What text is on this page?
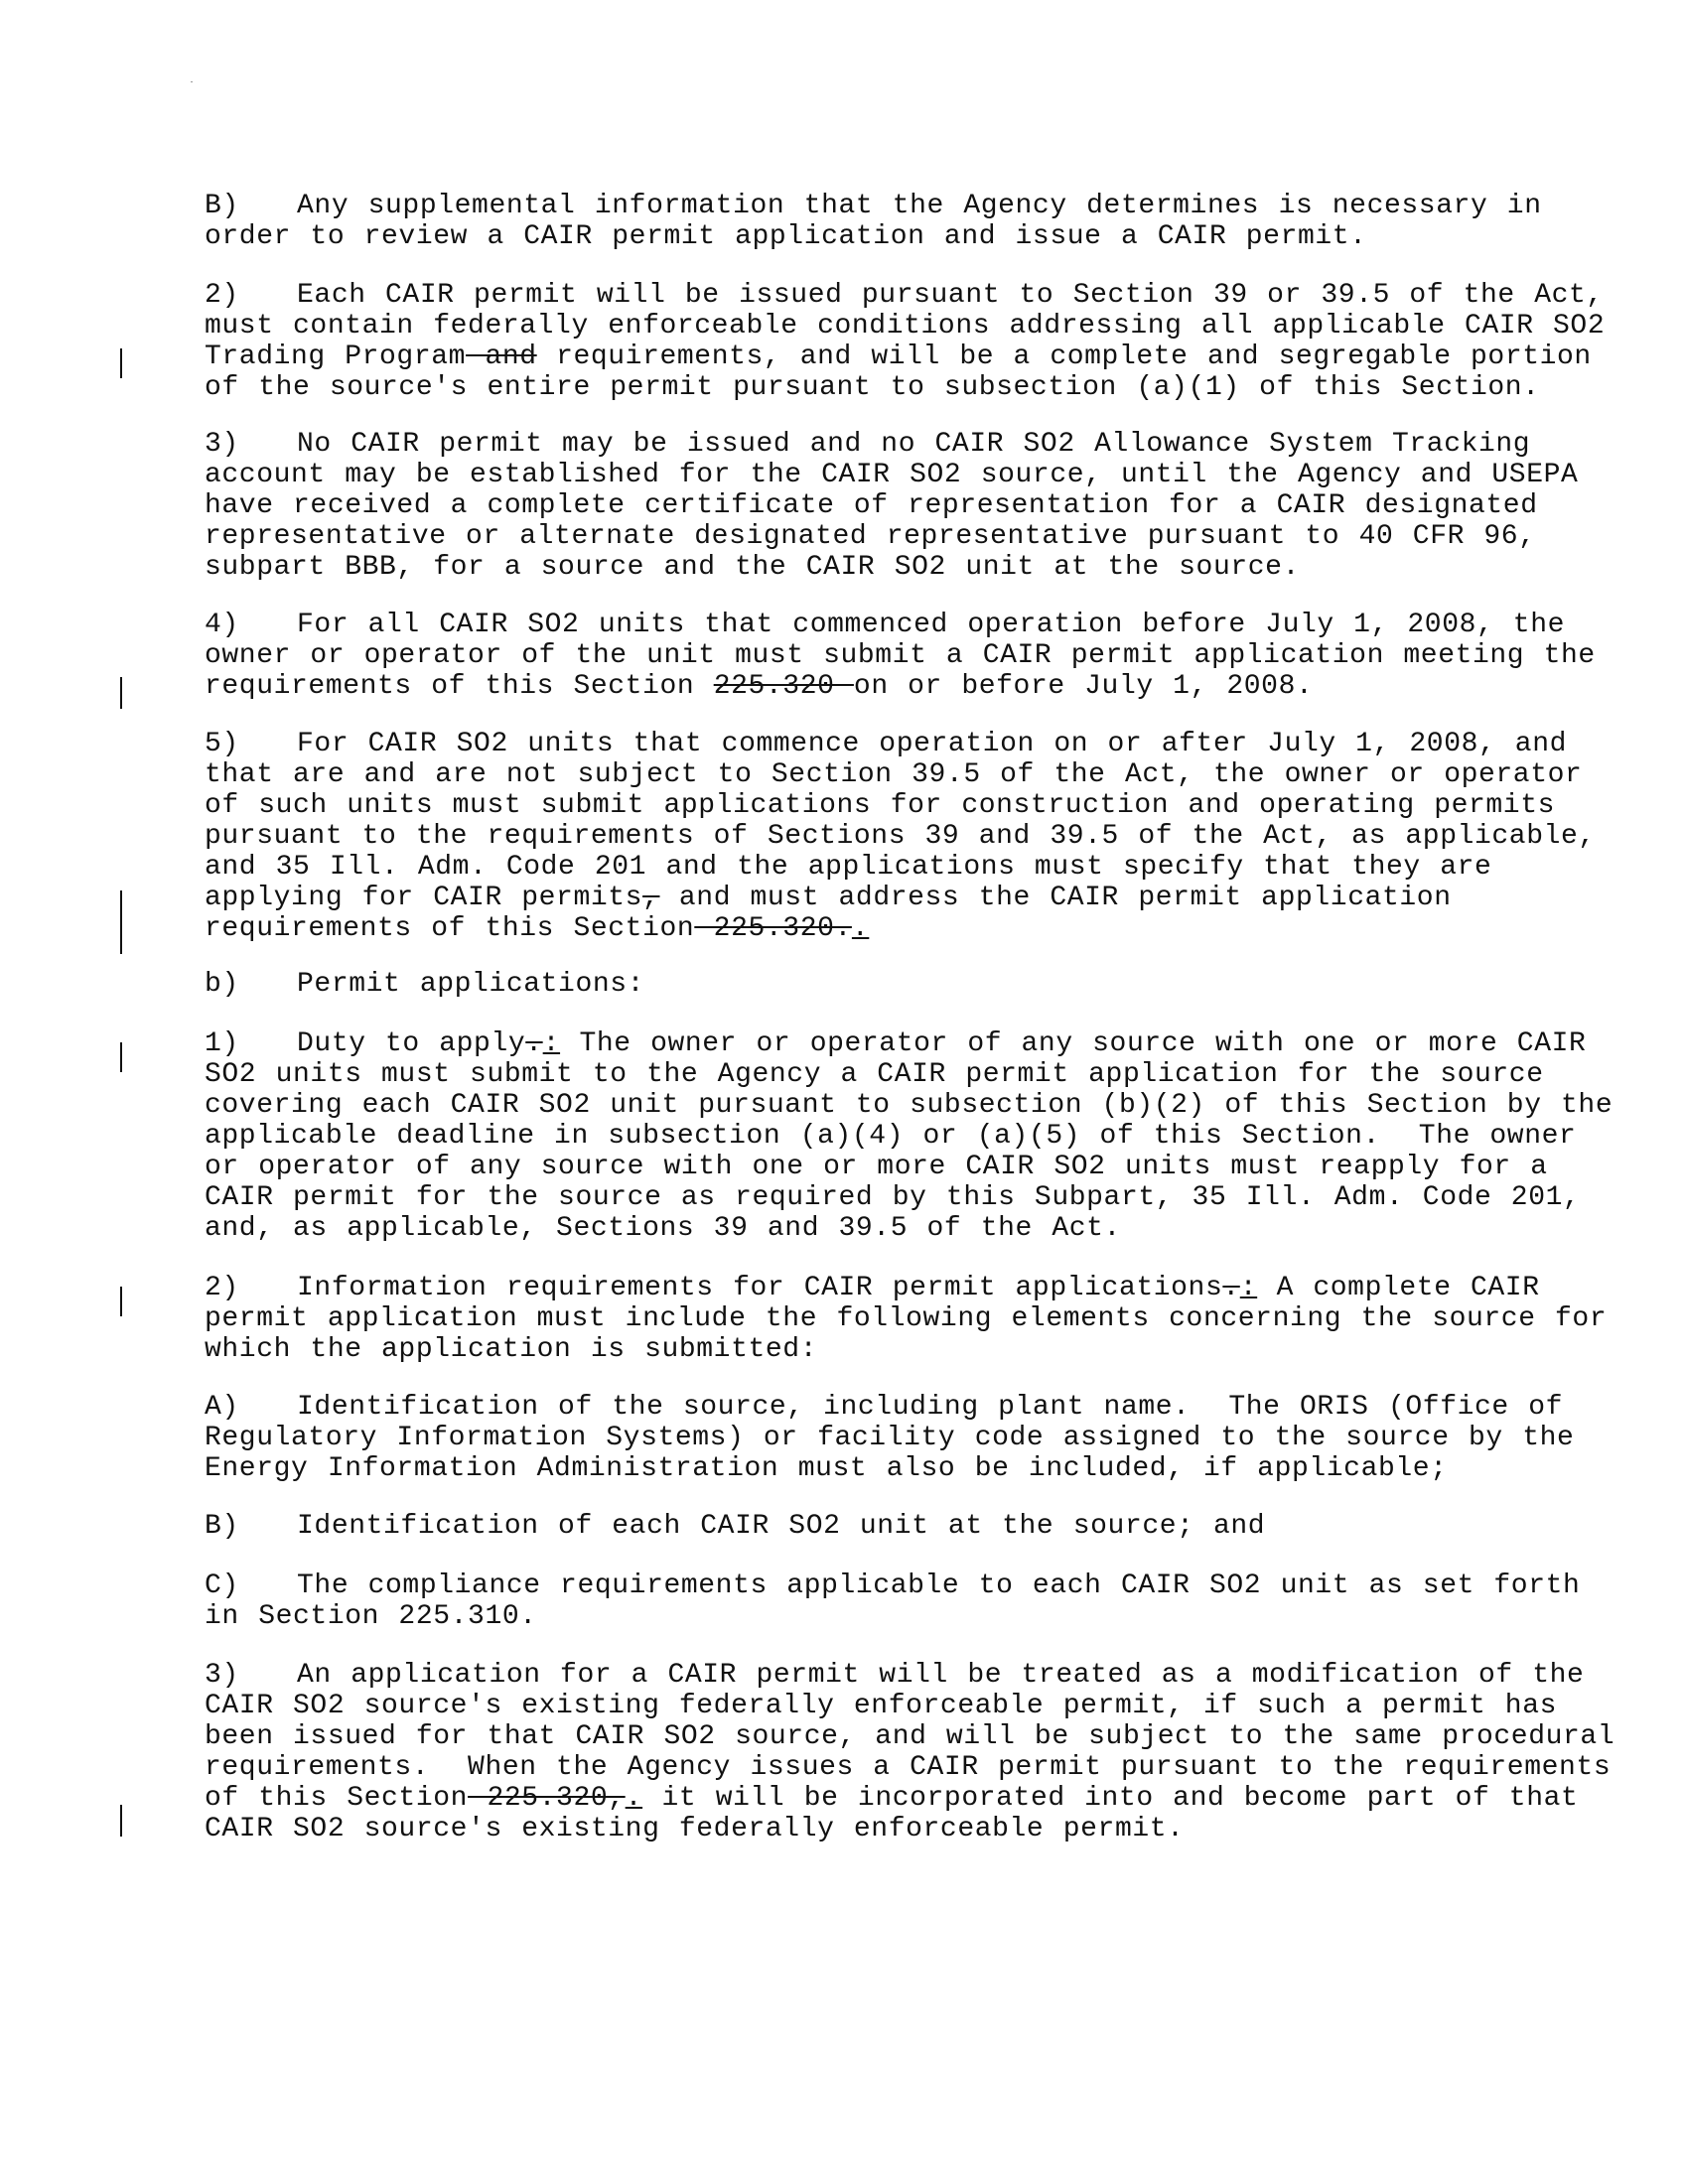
B)   Any supplemental information that the Agency determines is necessary in
order to review a CAIR permit application and issue a CAIR permit.
2)   Each CAIR permit will be issued pursuant to Section 39 or 39.5 of the Act,
must contain federally enforceable conditions addressing all applicable CAIR SO2
Trading Program and requirements, and will be a complete and segregable portion
of the source's entire permit pursuant to subsection (a)(1) of this Section.
3)   No CAIR permit may be issued and no CAIR SO2 Allowance System Tracking
account may be established for the CAIR SO2 source, until the Agency and USEPA
have received a complete certificate of representation for a CAIR designated
representative or alternate designated representative pursuant to 40 CFR 96,
subpart BBB, for a source and the CAIR SO2 unit at the source.
4)   For all CAIR SO2 units that commenced operation before July 1, 2008, the
owner or operator of the unit must submit a CAIR permit application meeting the
requirements of this Section 225.320 on or before July 1, 2008.
5)   For CAIR SO2 units that commence operation on or after July 1, 2008, and
that are and are not subject to Section 39.5 of the Act, the owner or operator
of such units must submit applications for construction and operating permits
pursuant to the requirements of Sections 39 and 39.5 of the Act, as applicable,
and 35 Ill. Adm. Code 201 and the applications must specify that they are
applying for CAIR permits, and must address the CAIR permit application
requirements of this Section 225.320..
b)   Permit applications:
1)   Duty to apply.: The owner or operator of any source with one or more CAIR
SO2 units must submit to the Agency a CAIR permit application for the source
covering each CAIR SO2 unit pursuant to subsection (b)(2) of this Section by the
applicable deadline in subsection (a)(4) or (a)(5) of this Section.  The owner
or operator of any source with one or more CAIR SO2 units must reapply for a
CAIR permit for the source as required by this Subpart, 35 Ill. Adm. Code 201,
and, as applicable, Sections 39 and 39.5 of the Act.
2)   Information requirements for CAIR permit applications.: A complete CAIR
permit application must include the following elements concerning the source for
which the application is submitted:
A)   Identification of the source, including plant name.  The ORIS (Office of
Regulatory Information Systems) or facility code assigned to the source by the
Energy Information Administration must also be included, if applicable;
B)   Identification of each CAIR SO2 unit at the source; and
C)   The compliance requirements applicable to each CAIR SO2 unit as set forth
in Section 225.310.
3)   An application for a CAIR permit will be treated as a modification of the
CAIR SO2 source's existing federally enforceable permit, if such a permit has
been issued for that CAIR SO2 source, and will be subject to the same procedural
requirements.  When the Agency issues a CAIR permit pursuant to the requirements
of this Section 225.320,. it will be incorporated into and become part of that
CAIR SO2 source's existing federally enforceable permit.
